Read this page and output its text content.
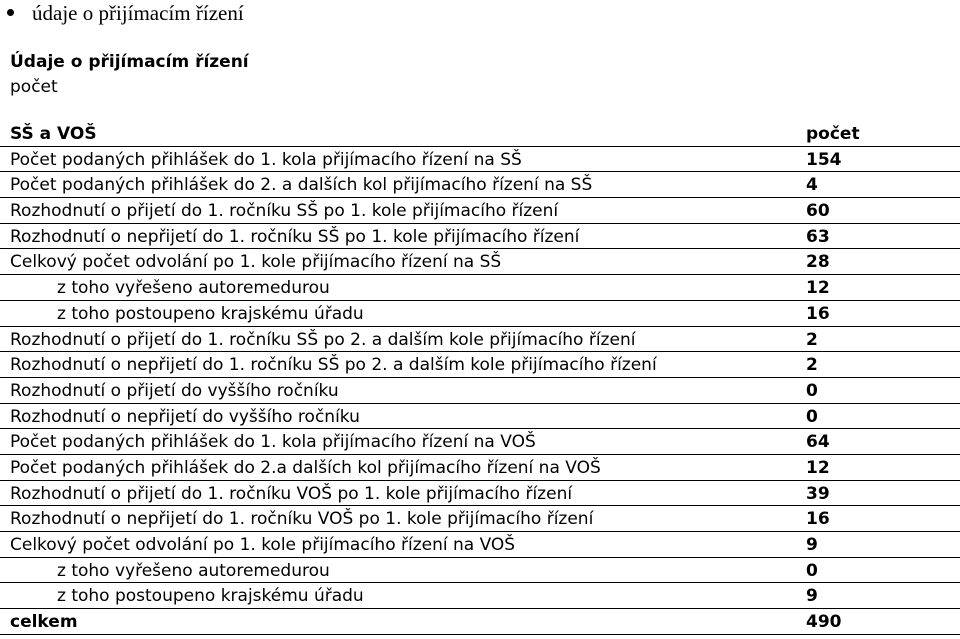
údaje o přijímacím řízení
Údaje o přijímacím řízení
počet
SŠ a VOŠ	počet
Počet podaných přihlášek do 1. kola přijímacího řízení na SŠ	154
Počet podaných přihlášek do 2. a dalších kol přijímacího řízení na SŠ	4
Rozhodnutí o přijetí do 1. ročníku SŠ po 1. kole přijímacího řízení	60
Rozhodnutí o nepřijetí do 1. ročníku SŠ po 1. kole přijímacího řízení	63
Celkový počet odvolání po 1. kole přijímacího řízení na SŠ	28
z toho vyřešeno autoremedurou	12
z toho postoupeno krajskému úřadu	16
Rozhodnutí o přijetí do 1. ročníku SŠ po 2. a dalším kole přijímacího řízení	2
Rozhodnutí o nepřijetí do 1. ročníku SŠ po 2. a dalším kole přijímacího řízení	2
Rozhodnutí o přijetí do vyššího ročníku	0
Rozhodnutí o nepřijetí do vyššího ročníku	0
Počet podaných přihlášek do 1. kola přijímacího řízení na VOŠ	64
Počet podaných přihlášek do 2.a dalších kol přijímacího řízení na VOŠ	12
Rozhodnutí o přijetí do 1. ročníku VOŠ po 1. kole přijímacího řízení	39
Rozhodnutí o nepřijetí do 1. ročníku VOŠ po 1. kole přijímacího řízení	16
Celkový počet odvolání po 1. kole přijímacího řízení na VOŠ	9
z toho vyřešeno autoremedurou	0
z toho postoupeno krajskému úřadu	9
celkem	490
